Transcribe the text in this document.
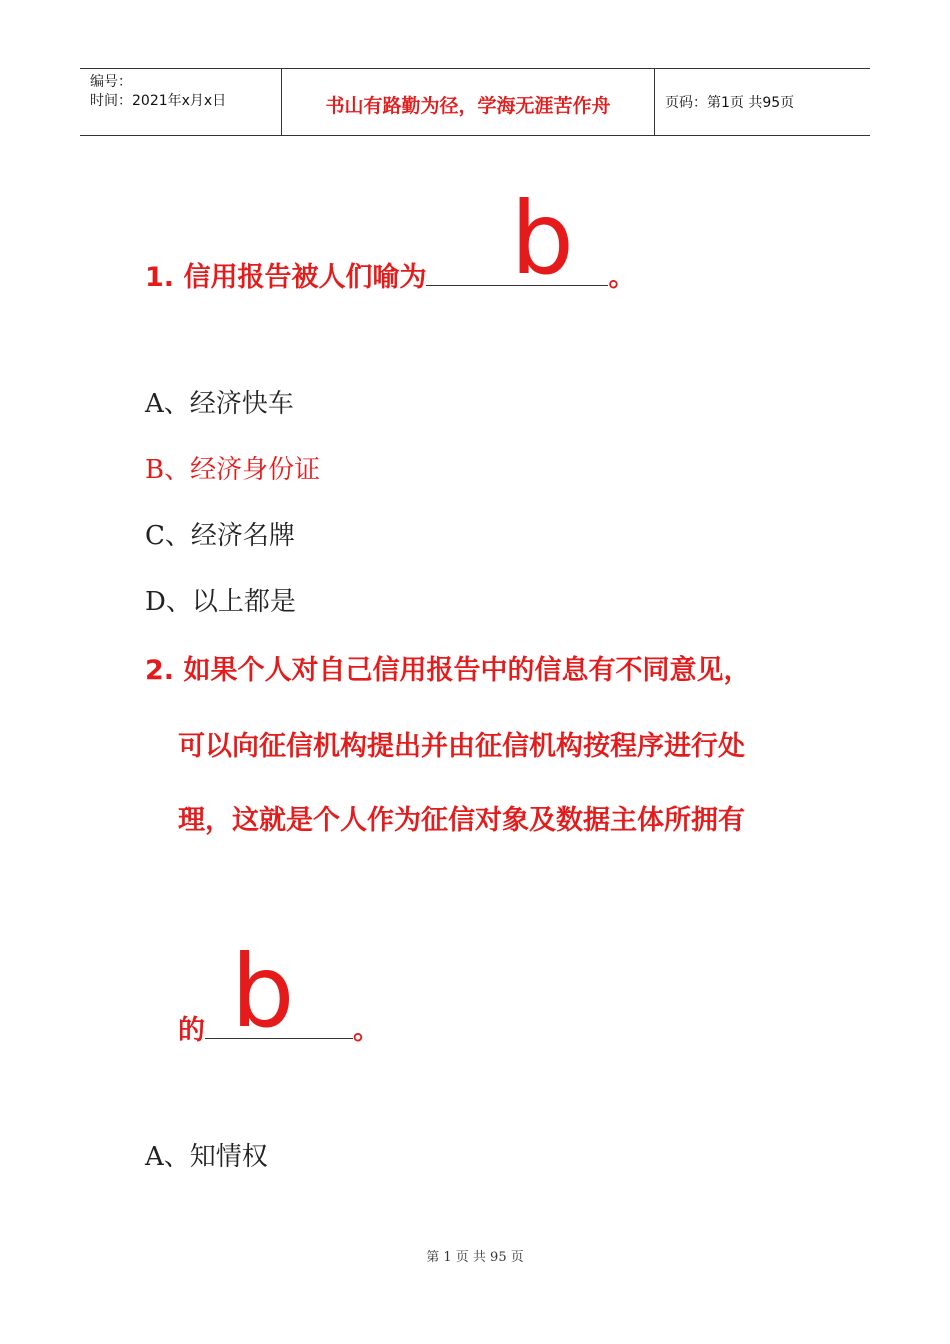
编号：
时间：2021年x月x日	书山有路勤为径，学海无涯苦作舟	页码：第1页 共95页
1. 信用报告被人们喻为 b 。
A、经济快车
B、经济身份证
C、经济名牌
D、以上都是
2. 如果个人对自己信用报告中的信息有不同意见，
可以向征信机构提出并由征信机构按程序进行处
理，这就是个人作为征信对象及数据主体所拥有
的 b 。
A、知情权
第 1 页 共 95 页
